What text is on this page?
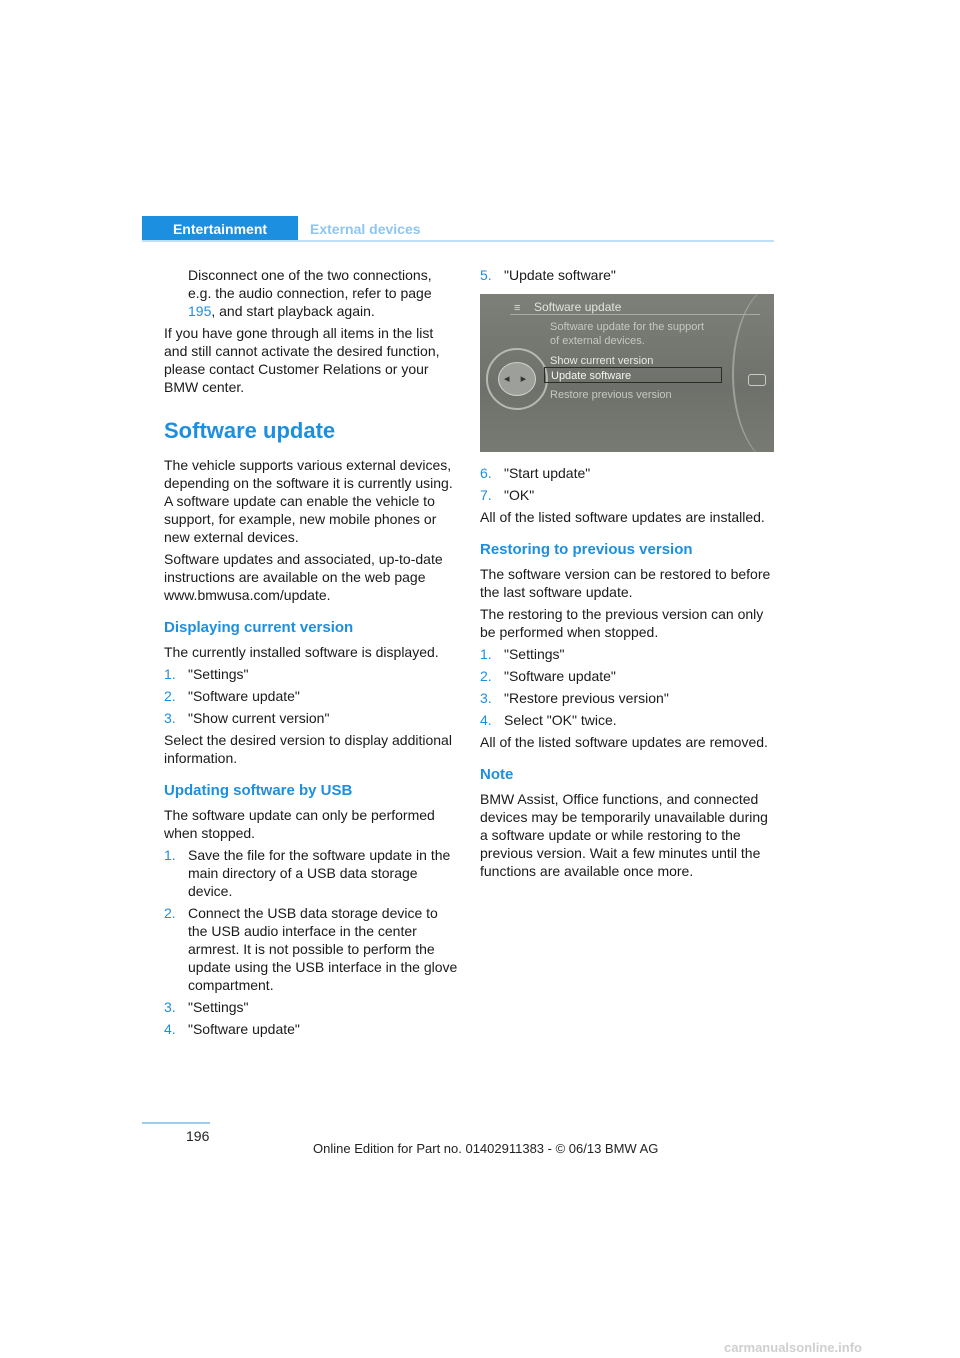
Entertainment	External devices

Disconnect one of the two connections, e.g. the audio connection, refer to page 195, and start playback again.

If you have gone through all items in the list and still cannot activate the desired function, please contact Customer Relations or your BMW center.

Software update

The vehicle supports various external devices, depending on the software it is currently using. A software update can enable the vehicle to support, for example, new mobile phones or new external devices.

Software updates and associated, up-to-date instructions are available on the web page www.bmwusa.com/update.

Displaying current version

The currently installed software is displayed.

1. "Settings"
2. "Software update"
3. "Show current version"

Select the desired version to display additional information.

Updating software by USB

The software update can only be performed when stopped.

1. Save the file for the software update in the main directory of a USB data storage device.
2. Connect the USB data storage device to the USB audio interface in the center armrest. It is not possible to perform the update using the USB interface in the glove compartment.
3. "Settings"
4. "Software update"
5. "Update software"
≡ Software update
◂ ▸
Software update for the support
of external devices.
Show current version
Update software
Restore previous version
6. "Start update"
7. "OK"

All of the listed software updates are installed.

Restoring to previous version

The software version can be restored to before the last software update.

The restoring to the previous version can only be performed when stopped.

1. "Settings"
2. "Software update"
3. "Restore previous version"
4. Select "OK" twice.

All of the listed software updates are removed.

Note

BMW Assist, Office functions, and connected devices may be temporarily unavailable during a software update or while restoring to the previous version. Wait a few minutes until the functions are available once more.

196
Online Edition for Part no. 01402911383 - © 06/13 BMW AG
carmanualsonline.info
